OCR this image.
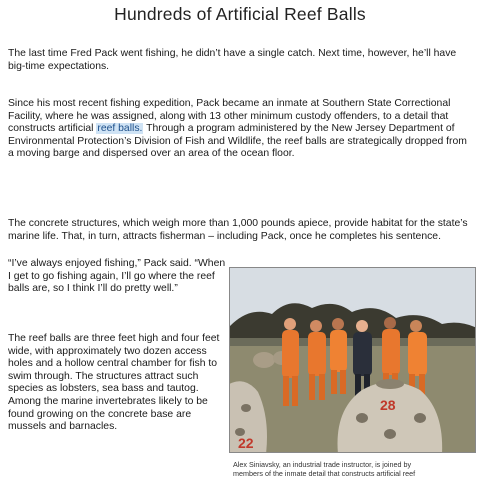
Hundreds of Artificial Reef Balls

The last time Fred Pack went fishing, he didn’t have a single catch. Next time, however, he’ll have big-time expectations.

Since his most recent fishing expedition, Pack became an inmate at Southern State Correctional Facility, where he was assigned, along with 13 other minimum custody offenders, to a detail that constructs artificial reef balls. Through a program administered by the New Jersey Department of Environmental Protection’s Division of Fish and Wildlife, the reef balls are strategically dropped from a moving barge and dispersed over an area of the ocean floor.

The concrete structures, which weigh more than 1,000 pounds apiece, provide habitat for the state’s marine life. That, in turn, attracts fisherman – including Pack, once he completes his sentence.

“I’ve always enjoyed fishing,” Pack said. “When I get to go fishing again, I’ll go where the reef balls are, so I think I’ll do pretty well.”

The reef balls are three feet high and four feet wide, with approximately two dozen access holes and a hollow central chamber for fish to swim through. The structures attract such species as lobsters, sea bass and tautog. Among the marine invertebrates likely to be found growing on the concrete base are mussels and barnacles.

22
28
Alex Siniavsky, an industrial trade instructor, is joined by
members of the inmate detail that constructs artificial reef
